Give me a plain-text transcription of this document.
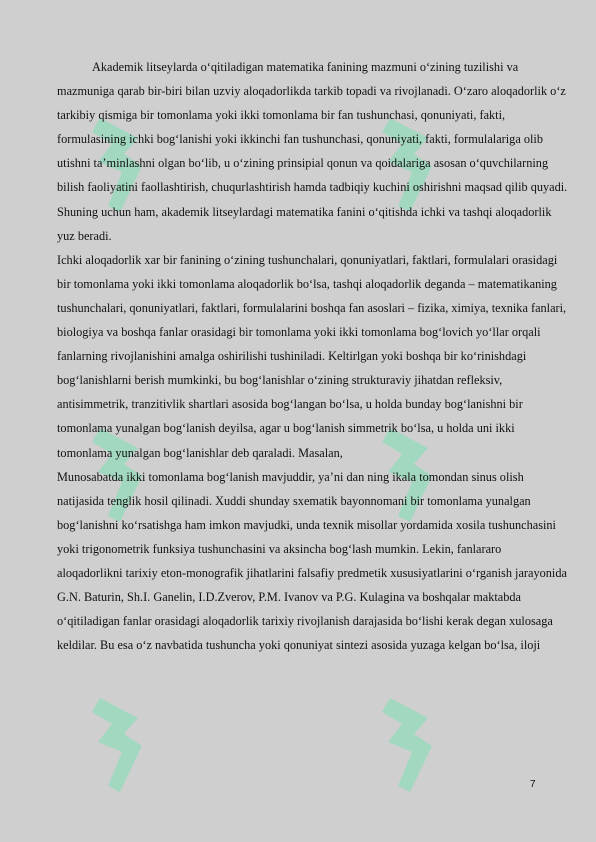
Akademik litseylarda o‘qitiladigan matematika fanining mazmuni o‘zining tuzilishi va mazmuniga qarab bir-biri bilan uzviy aloqadorlikda tarkib topadi va rivojlanadi. O‘zaro aloqadorlik o‘z tarkibiy qismiga bir tomonlama yoki ikki tomonlama bir fan tushunchasi, qonuniyati, fakti, formulasining ichki bog‘lanishi yoki ikkinchi fan tushunchasi, qonuniyati, fakti, formulalariga olib utishni ta’minlashni olgan bo‘lib, u o‘zining prinsipial qonun va qoidalariga asosan o‘quvchilarning bilish faoliyatini faollashtirish, chuqurlashtirish hamda tadbiqiy kuchini oshirishni maqsad qilib quyadi. Shuning uchun ham, akademik litseylardagi matematika fanini o‘qitishda ichki va tashqi aloqadorlik yuz beradi.

Ichki aloqadorlik xar bir fanining o‘zining tushunchalari, qonuniyatlari, faktlari, formulalari orasidagi bir tomonlama yoki ikki tomonlama aloqadorlik bo‘lsa, tashqi aloqadorlik deganda – matematikaning tushunchalari, qonuniyatlari, faktlari, formulalarini boshqa fan asoslari – fizika, ximiya, texnika fanlari, biologiya va boshqa fanlar orasidagi bir tomonlama yoki ikki tomonlama bog‘lovich yo‘llar orqali fanlarning rivojlanishini amalga oshirilishi tushiniladi. Keltirlgan yoki boshqa bir ko‘rinishdagi bog‘lanishlarni berish mumkinki, bu bog‘lanishlar o‘zining strukturaviy jihatdan refleksiv, antisimmetrik, tranzitivlik shartlari asosida bog‘langan bo‘lsa, u holda bunday bog‘lanishni bir tomonlama yunalgan bog‘lanish deyilsa, agar u bog‘lanish simmetrik bo‘lsa, u holda uni ikki tomonlama yunalgan bog‘lanishlar deb qaraladi. Masalan,

Munosabatda ikki tomonlama bog‘lanish mavjuddir, ya’ni dan ning ikala tomondan sinus olish natijasida tenglik hosil qilinadi. Xuddi shunday sxematik bayonnomani bir tomonlama yunalgan bog‘lanishni ko‘rsatishga ham imkon mavjudki, unda texnik misollar yordamida xosila tushunchasini yoki trigonometrik funksiya tushunchasini va aksincha bog‘lash mumkin. Lekin, fanlararo aloqadorlikni tarixiy eton-monografik jihatlarini falsafiy predmetik xususiyatlarini o‘rganish jarayonida G.N. Baturin, Sh.I. Ganelin, I.D.Zverov, P.M. Ivanov va P.G. Kulagina va boshqalar maktabda o‘qitiladigan fanlar orasidagi aloqadorlik tarixiy rivojlanish darajasida bo‘lishi kerak degan xulosaga keldilar. Bu esa o‘z navbatida tushuncha yoki qonuniyat sintezi asosida yuzaga kelgan bo‘lsa, iloji

7
